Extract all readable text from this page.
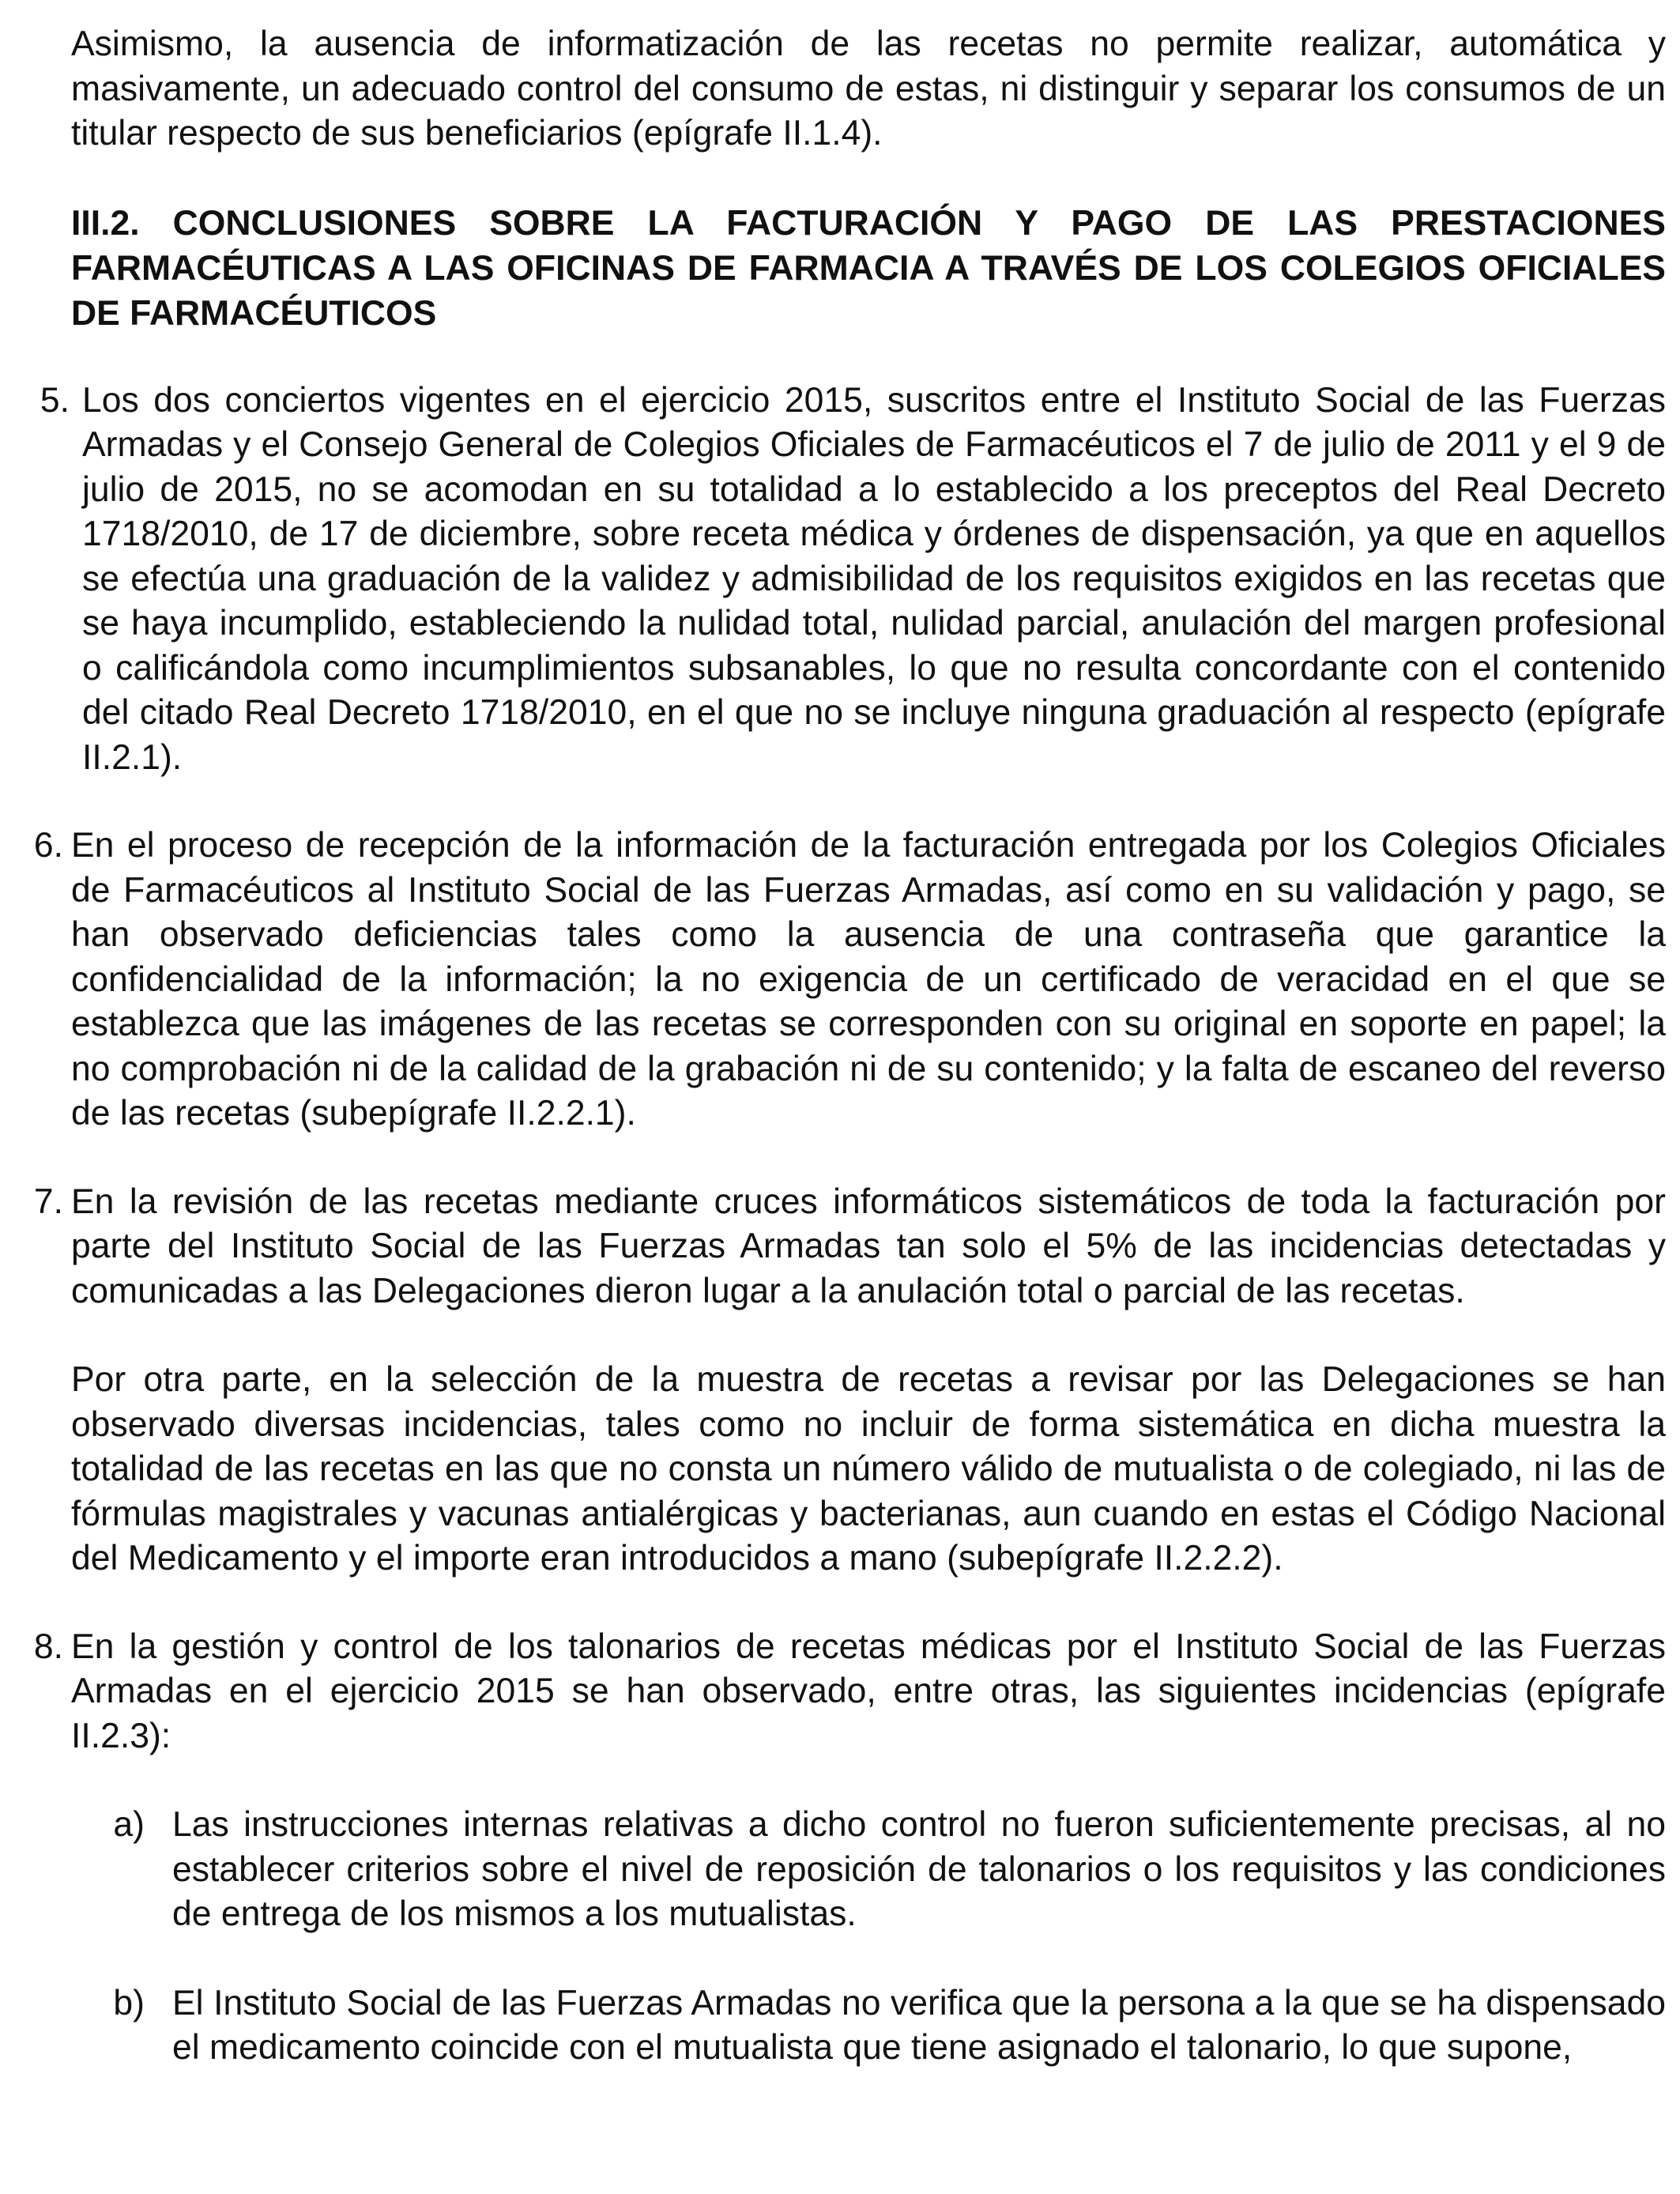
Asimismo, la ausencia de informatización de las recetas no permite realizar, automática y masivamente, un adecuado control del consumo de estas, ni distinguir y separar los consumos de un titular respecto de sus beneficiarios (epígrafe II.1.4).

III.2. CONCLUSIONES SOBRE LA FACTURACIÓN Y PAGO DE LAS PRESTACIONES FARMACÉUTICAS A LAS OFICINAS DE FARMACIA A TRAVÉS DE LOS COLEGIOS OFICIALES DE FARMACÉUTICOS

5. Los dos conciertos vigentes en el ejercicio 2015, suscritos entre el Instituto Social de las Fuerzas Armadas y el Consejo General de Colegios Oficiales de Farmacéuticos el 7 de julio de 2011 y el 9 de julio de 2015, no se acomodan en su totalidad a lo establecido a los preceptos del Real Decreto 1718/2010, de 17 de diciembre, sobre receta médica y órdenes de dispensación, ya que en aquellos se efectúa una graduación de la validez y admisibilidad de los requisitos exigidos en las recetas que se haya incumplido, estableciendo la nulidad total, nulidad parcial, anulación del margen profesional o calificándola como incumplimientos subsanables, lo que no resulta concordante con el contenido del citado Real Decreto 1718/2010, en el que no se incluye ninguna graduación al respecto (epígrafe II.2.1).

6. En el proceso de recepción de la información de la facturación entregada por los Colegios Oficiales de Farmacéuticos al Instituto Social de las Fuerzas Armadas, así como en su validación y pago, se han observado deficiencias tales como la ausencia de una contraseña que garantice la confidencialidad de la información; la no exigencia de un certificado de veracidad en el que se establezca que las imágenes de las recetas se corresponden con su original en soporte en papel; la no comprobación ni de la calidad de la grabación ni de su contenido; y la falta de escaneo del reverso de las recetas (subepígrafe II.2.2.1).

7. En la revisión de las recetas mediante cruces informáticos sistemáticos de toda la facturación por parte del Instituto Social de las Fuerzas Armadas tan solo el 5% de las incidencias detectadas y comunicadas a las Delegaciones dieron lugar a la anulación total o parcial de las recetas.

Por otra parte, en la selección de la muestra de recetas a revisar por las Delegaciones se han observado diversas incidencias, tales como no incluir de forma sistemática en dicha muestra la totalidad de las recetas en las que no consta un número válido de mutualista o de colegiado, ni las de fórmulas magistrales y vacunas antialérgicas y bacterianas, aun cuando en estas el Código Nacional del Medicamento y el importe eran introducidos a mano (subepígrafe II.2.2.2).

8. En la gestión y control de los talonarios de recetas médicas por el Instituto Social de las Fuerzas Armadas en el ejercicio 2015 se han observado, entre otras, las siguientes incidencias (epígrafe II.2.3):

a) Las instrucciones internas relativas a dicho control no fueron suficientemente precisas, al no establecer criterios sobre el nivel de reposición de talonarios o los requisitos y las condiciones de entrega de los mismos a los mutualistas.

b) El Instituto Social de las Fuerzas Armadas no verifica que la persona a la que se ha dispensado el medicamento coincide con el mutualista que tiene asignado el talonario, lo que supone,
